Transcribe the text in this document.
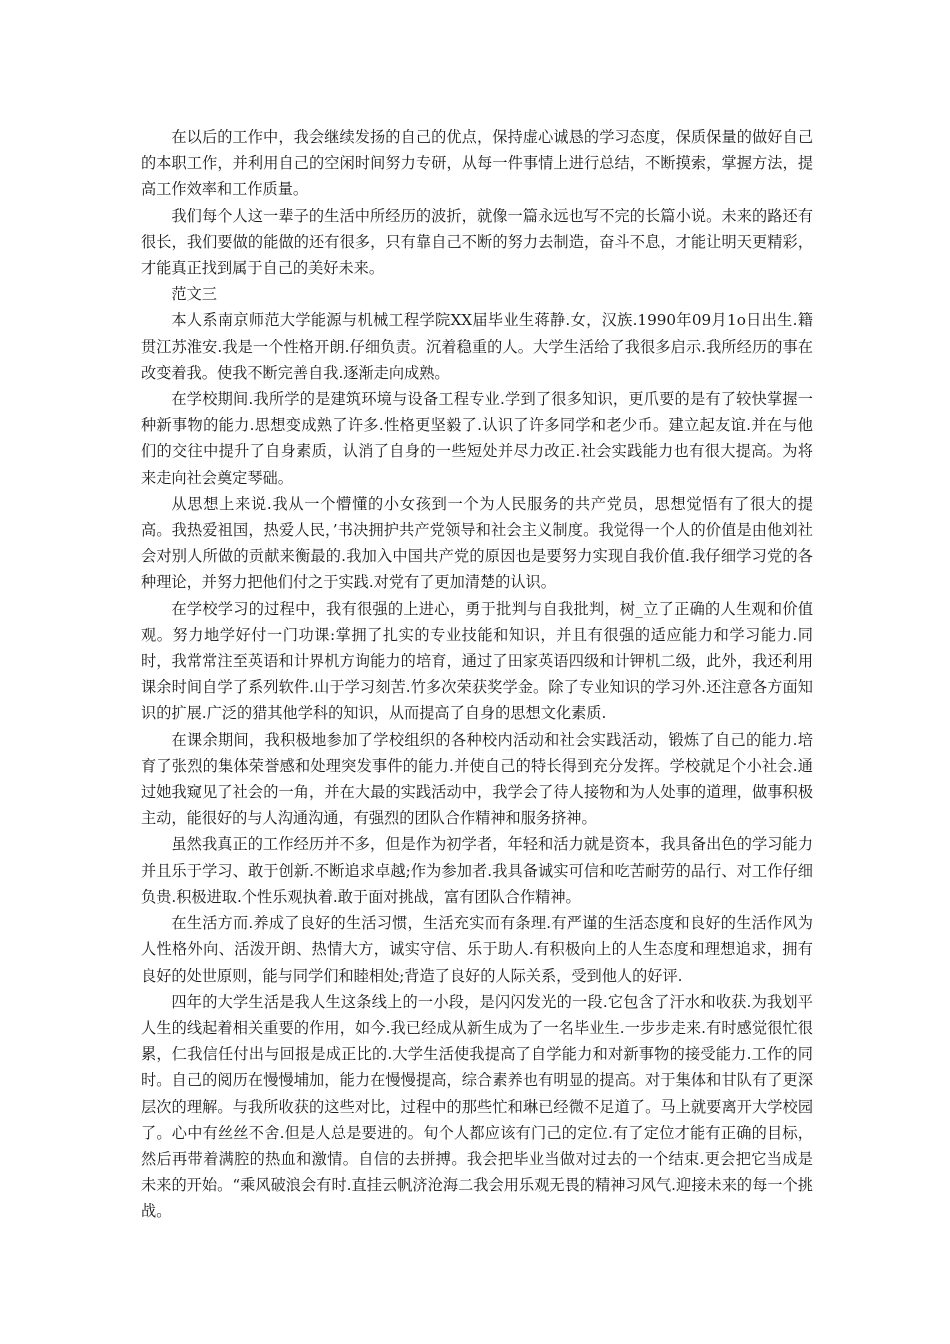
在以后的工作中，我会继续发扬的自己的优点，保持虚心诚恳的学习态度，保质保量的做好自己的本职工作，并利用自己的空闲时间努力专研，从每一件事情上进行总结，不断摸索，掌握方法，提高工作效率和工作质量。

我们每个人这一辈子的生活中所经历的波折，就像一篇永远也写不完的长篇小说。未来的路还有很长，我们要做的能做的还有很多，只有靠自己不断的努力去制造，奋斗不息，才能让明天更精彩，才能真正找到属于自己的美好未来。

范文三

本人系南京师范大学能源与机械工程学院XX届毕业生蒋静.女，汉族.1990年09月1o日出生.籍贯江苏淮安.我是一个性格开朗.仔细负责。沉着稳重的人。大学生活给了我很多启示.我所经历的事在改变着我。使我不断完善自我.逐渐走向成熟。

在学校期间.我所学的是建筑环境与设备工程专业.学到了很多知识，更爪要的是有了较快掌握一种新事物的能力.思想变成熟了许多.性格更坚毅了.认识了许多同学和老少币。建立起友谊.并在与他们的交往中提升了自身素质，认消了自身的一些短处并尽力改正.社会实践能力也有很大提高。为将来走向社会奠定琴础。

从思想上来说.我从一个懵懂的小女孩到一个为人民服务的共产党员，思想觉悟有了很大的提高。我热爱祖国，热爱人民，’书决拥护共产党领导和社会主义制度。我觉得一个人的价值是由他刘社会对别人所做的贡献来衡最的.我加入中国共产党的原因也是要努力实现自我价值.我仔细学习党的各种理论，并努力把他们付之于实践.对党有了更加清楚的认识。

在学校学习的过程中，我有很强的上进心，勇于批判与自我批判，树_立了正确的人生观和价值观。努力地学好付一门功课:掌拥了扎实的专业技能和知识，并且有很强的适应能力和学习能力.同时，我常常注至英语和计界机方询能力的培育，通过了田家英语四级和计钾机二级，此外，我还利用课余时间自学了系列软件.山于学习刻苦.竹多次荣获奖学金。除了专业知识的学习外.还注意各方面知识的扩展.广泛的猎其他学科的知识，从而提高了自身的思想文化素质.

在课余期间，我积极地参加了学校组织的各种校内活动和社会实践活动，锻炼了自己的能力.培育了张烈的集体荣誉感和处理突发事件的能力.并使自己的特长得到充分发挥。学校就足个小社会.通过她我窥见了社会的一角，并在大最的实践活动中，我学会了待人接物和为人处事的道理，做事积极主动，能很好的与人沟通沟通，有强烈的团队合作精神和服务挤神。

虽然我真正的工作经历并不多，但是作为初学者，年轻和活力就是资本，我具备出色的学习能力并且乐于学习、敢于创新.不断追求卓越;作为参加者.我具备诚实可信和吃苦耐劳的品行、对工作仔细负贵.积极进取.个性乐观执着.敢于面对挑战，富有团队合作精神。

在生活方而.养成了良好的生活习惯，生活充实而有条理.有严谨的生活态度和良好的生活作风为人性格外向、活泼开朗、热情大方，诚实守信、乐于助人.有积极向上的人生态度和理想追求，拥有良好的处世原则，能与同学们和睦相处;背造了良好的人际关系，受到他人的好评.

四年的大学生活是我人生这条线上的一小段，是闪闪发光的一段.它包含了汗水和收获.为我划平人生的线起着相关重要的作用，如今.我已经成从新生成为了一名毕业生.一步步走来.有时感觉很忙很累，仁我信任付出与回报是成正比的.大学生活使我提高了自学能力和对新事物的接受能力.工作的同时。自己的阅历在慢慢埔加，能力在慢慢提高，综合素养也有明显的提高。对于集体和甘队有了更深层次的理解。与我所收获的这些对比，过程中的那些忙和琳已经微不足道了。马上就要离开大学校园了。心中有丝丝不舍.但是人总是要进的。旬个人都应该有门己的定位.有了定位才能有正确的目标，然后再带着满腔的热血和激情。自信的去拼搏。我会把毕业当做对过去的一个结束.更会把它当成是未来的开始。“乘风破浪会有时.直挂云帆济沧海二我会用乐观无畏的精神习风气.迎接未来的每一个挑战。
